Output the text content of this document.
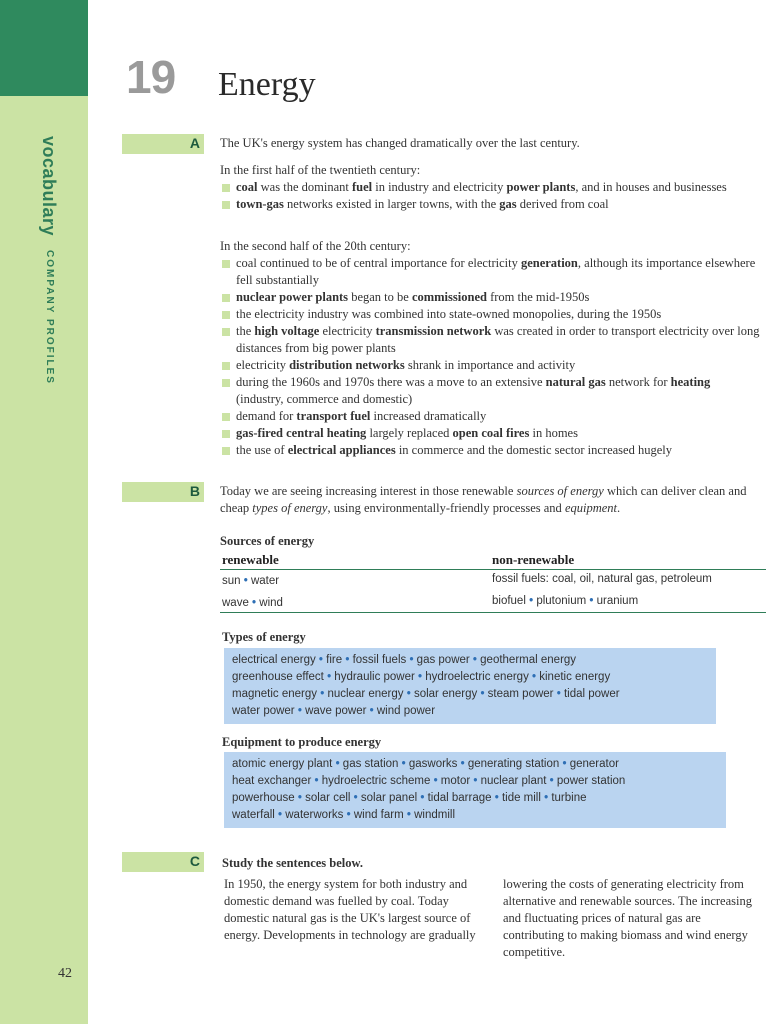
vocabulary COMPANY PROFILES
42
19 Energy
A The UK's energy system has changed dramatically over the last century.
In the first half of the twentieth century:
coal was the dominant fuel in industry and electricity power plants, and in houses and businesses
town-gas networks existed in larger towns, with the gas derived from coal
In the second half of the 20th century:
coal continued to be of central importance for electricity generation, although its importance elsewhere fell substantially
nuclear power plants began to be commissioned from the mid-1950s
the electricity industry was combined into state-owned monopolies, during the 1950s
the high voltage electricity transmission network was created in order to transport electricity over long distances from big power plants
electricity distribution networks shrank in importance and activity
during the 1960s and 1970s there was a move to an extensive natural gas network for heating (industry, commerce and domestic)
demand for transport fuel increased dramatically
gas-fired central heating largely replaced open coal fires in homes
the use of electrical appliances in commerce and the domestic sector increased hugely
B Today we are seeing increasing interest in those renewable sources of energy which can deliver clean and cheap types of energy, using environmentally-friendly processes and equipment.
Sources of energy
renewable	non-renewable
sun • water
wave • wind
fossil fuels: coal, oil, natural gas, petroleum
biofuel • plutonium • uranium
Types of energy
electrical energy • fire • fossil fuels • gas power • geothermal energy
greenhouse effect • hydraulic power • hydroelectric energy • kinetic energy
magnetic energy • nuclear energy • solar energy • steam power • tidal power
water power • wave power • wind power
Equipment to produce energy
atomic energy plant • gas station • gasworks • generating station • generator
heat exchanger • hydroelectric scheme • motor • nuclear plant • power station
powerhouse • solar cell • solar panel • tidal barrage • tide mill • turbine
waterfall • waterworks • wind farm • windmill
C Study the sentences below.
In 1950, the energy system for both industry and domestic demand was fuelled by coal. Today domestic natural gas is the UK's largest source of energy. Developments in technology are gradually
lowering the costs of generating electricity from alternative and renewable sources. The increasing and fluctuating prices of natural gas are contributing to making biomass and wind energy competitive.
